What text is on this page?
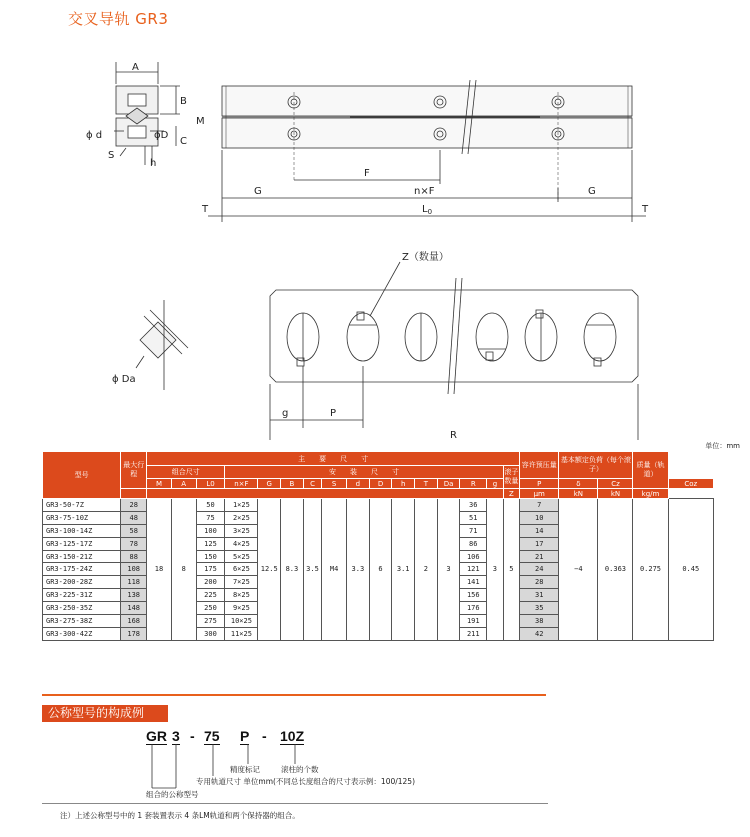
交叉导轨 GR3
A
B
M
C
ϕ d	ϕD
S
h
F
G	n×F	G
T	$L_0$	T
Z（数量）
ϕ Da
g	P
R
单位：mm
型号	最大行程	主　　要　　尺　　寸																容许预压量	基本额定负荷（每个滚子）		质量（轨道）	
		组合尺寸			安　　装　　尺　　寸												滚子数量					
		M	A	L0	n×F	G	B	C	S	d	D	h	T	Da	R	g		P	δ	Cz		Coz
																	Z	μm	kN	kN	kg/m	
GR3-50-7Z	28	18	8	50	1×25	12.5	8.3	3.5	M4	3.3	6	3.1	2	3	36	3	5	7	−4	0.363	0.275	0.45
GR3-75-10Z	48			75	2×25										51			10				
GR3-100-14Z	58			100	3×25										71			14				
GR3-125-17Z	78			125	4×25										86			17				
GR3-150-21Z	88			150	5×25										106			21				
GR3-175-24Z	108			175	6×25										121			24				
GR3-200-28Z	118			200	7×25										141			28				
GR3-225-31Z	138			225	8×25										156			31				
GR3-250-35Z	148			250	9×25										176			35				
GR3-275-38Z	168			275	10×25										191			38				
GR3-300-42Z	178			300	11×25										211			42				
公称型号的构成例
GR 3 - 75 P - 10Z
精度标记	滚柱的个数
专用轨道尺寸 单位mm(不同总长度组合的尺寸表示例：100/125)
组合的公称型号
注）上述公称型号中的 1 套装置表示 4 条LM轨道和两个保持器的组合。
